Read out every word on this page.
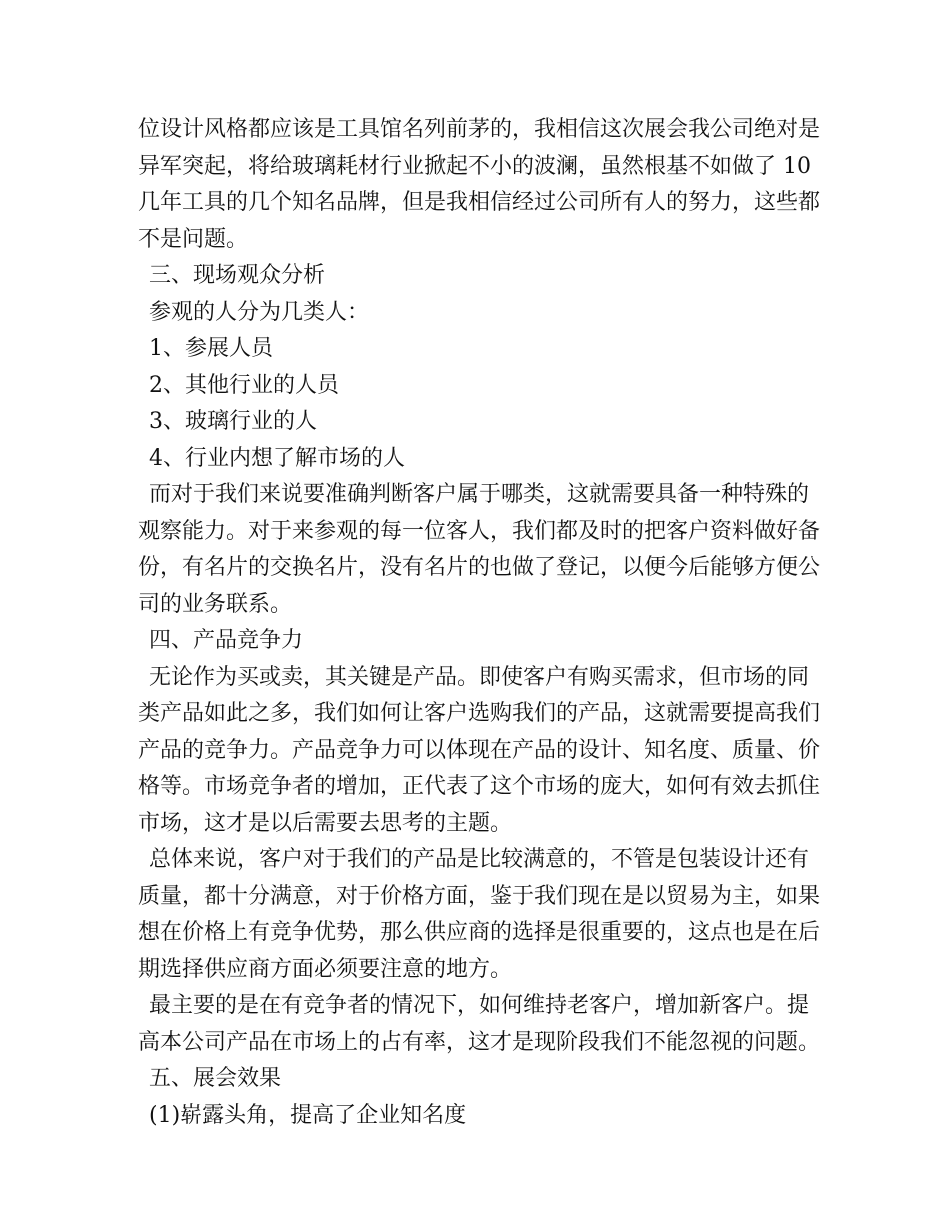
位设计风格都应该是工具馆名列前茅的，我相信这次展会我公司绝对是
异军突起，将给玻璃耗材行业掀起不小的波澜，虽然根基不如做了 10
几年工具的几个知名品牌，但是我相信经过公司所有人的努力，这些都
不是问题。
三、现场观众分析
参观的人分为几类人：
1、参展人员
2、其他行业的人员
3、玻璃行业的人
4、行业内想了解市场的人
而对于我们来说要准确判断客户属于哪类，这就需要具备一种特殊的
观察能力。对于来参观的每一位客人，我们都及时的把客户资料做好备
份，有名片的交换名片，没有名片的也做了登记，以便今后能够方便公
司的业务联系。
四、产品竞争力
无论作为买或卖，其关键是产品。即使客户有购买需求，但市场的同
类产品如此之多，我们如何让客户选购我们的产品，这就需要提高我们
产品的竞争力。产品竞争力可以体现在产品的设计、知名度、质量、价
格等。市场竞争者的增加，正代表了这个市场的庞大，如何有效去抓住
市场，这才是以后需要去思考的主题。
总体来说，客户对于我们的产品是比较满意的，不管是包装设计还有
质量，都十分满意，对于价格方面，鉴于我们现在是以贸易为主，如果
想在价格上有竞争优势，那么供应商的选择是很重要的，这点也是在后
期选择供应商方面必须要注意的地方。
最主要的是在有竞争者的情况下，如何维持老客户，增加新客户。提
高本公司产品在市场上的占有率，这才是现阶段我们不能忽视的问题。
五、展会效果
(1)崭露头角，提高了企业知名度
